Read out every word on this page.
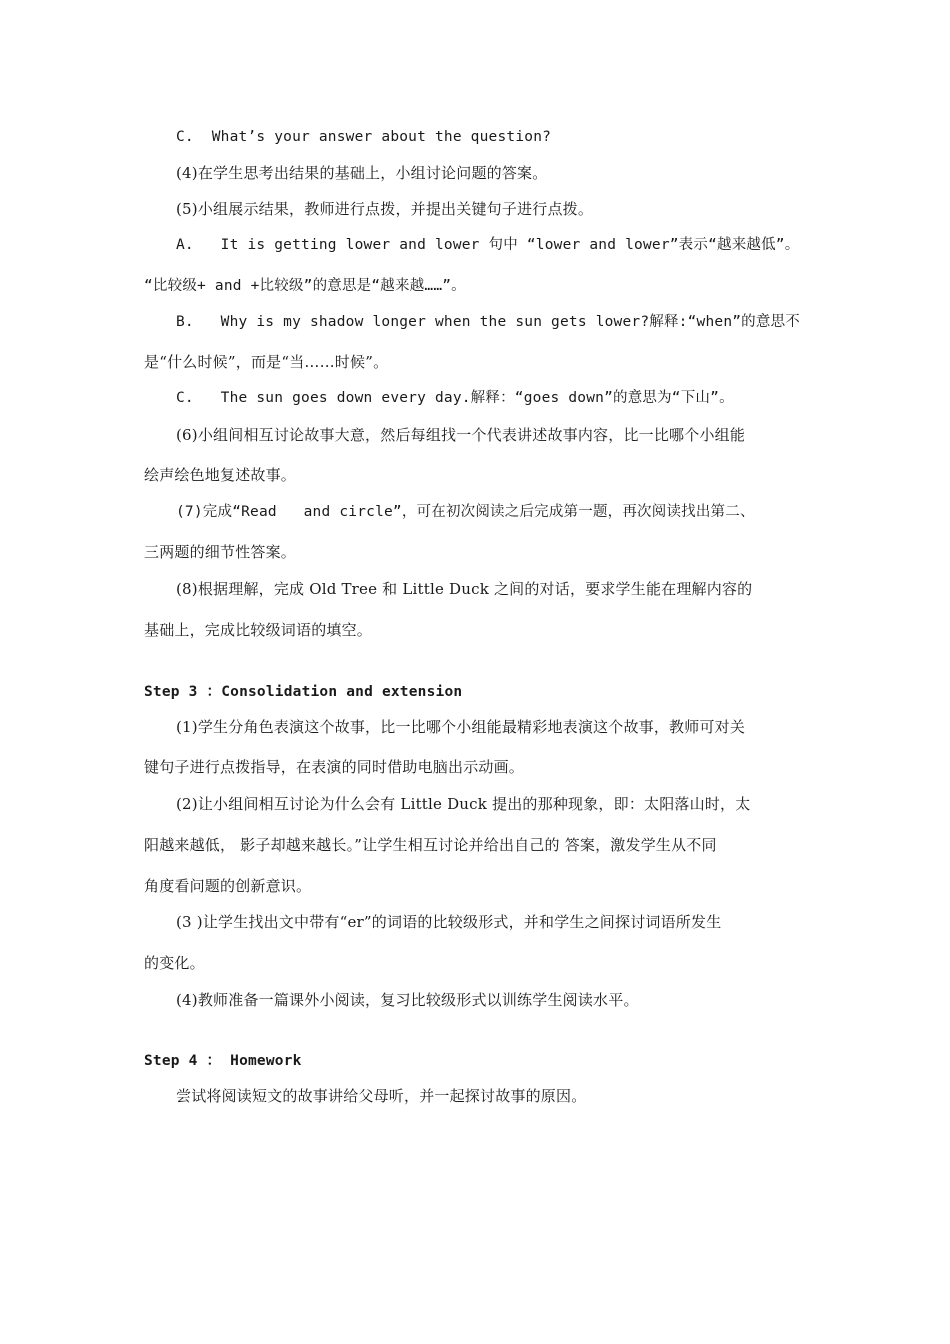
C.  What’s your answer about the question?
(4)在学生思考出结果的基础上，小组讨论问题的答案。
(5)小组展示结果，教师进行点拨，并提出关键句子进行点拨。
A.   It is getting lower and lower 句中 “lower and lower”表示“越来越低”。
“比较级+ and +比较级”的意思是“越来越……”。
B.   Why is my shadow longer when the sun gets lower?解释:“when”的意思不
是“什么时候”，而是“当……时候”。
C.   The sun goes down every day.解释：“goes down”的意思为“下山”。
(6)小组间相互讨论故事大意，然后每组找一个代表讲述故事内容，比一比哪个小组能
绘声绘色地复述故事。
(7)完成“Read   and circle”，可在初次阅读之后完成第一题，再次阅读找出第二、
三两题的细节性答案。
(8)根据理解，完成 Old Tree 和 Little Duck 之间的对话，要求学生能在理解内容的
基础上，完成比较级词语的填空。
Step 3 ：Consolidation and extension
(1)学生分角色表演这个故事，比一比哪个小组能最精彩地表演这个故事，教师可对关
键句子进行点拨指导，在表演的同时借助电脑出示动画。
(2)让小组间相互讨论为什么会有 Little Duck 提出的那种现象，即：太阳落山时，太
阳越来越低， 影子却越来越长。”让学生相互讨论并给出自己的 答案，激发学生从不同
角度看问题的创新意识。
(3 )让学生找出文中带有“er”的词语的比较级形式，并和学生之间探讨词语所发生
的变化。
(4)教师准备一篇课外小阅读，复习比较级形式以训练学生阅读水平。
Step 4 ： Homework
尝试将阅读短文的故事讲给父母听，并一起探讨故事的原因。
